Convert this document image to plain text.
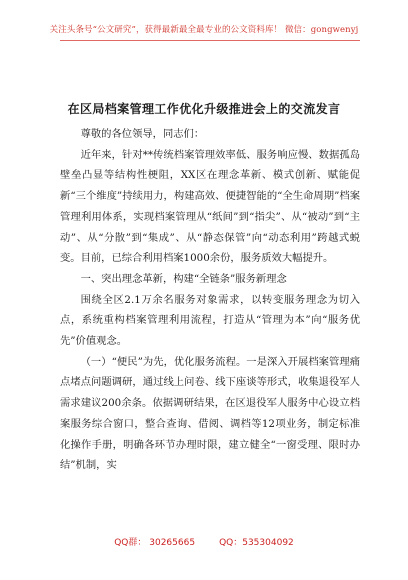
关注头条号“公文研究”，获得最新最全最专业的公文资料库！ 微信：gongwenyj
在区局档案管理工作优化升级推进会上的交流发言

尊敬的各位领导，同志们：

近年来，针对**传统档案管理效率低、服务响应慢、数据孤岛壁垒凸显等结构性梗阻，XX区在理念革新、模式创新、赋能促新“三个维度”持续用力，构建高效、便捷智能的“全生命周期”档案管理利用体系，实现档案管理从“纸间”到“指尖”、从“被动”到“主动”、从“分散”到“集成”、从“静态保管”向“动态利用”跨越式蜕变。目前，已综合利用档案1000余份，服务质效大幅提升。

一、突出理念革新，构建“全链条”服务新理念

围绕全区2.1万余名服务对象需求，以转变服务理念为切入点，系统重构档案管理利用流程，打造从“管理为本”向“服务优先”价值观念。

（一）“便民”为先，优化服务流程。一是深入开展档案管理痛点堵点问题调研，通过线上问卷、线下座谈等形式，收集退役军人需求建议200余条。依据调研结果，在区退役军人服务中心设立档案服务综合窗口，整合查询、借阅、调档等12项业务，制定标准化操作手册，明确各环节办理时限，建立健全“一窗受理、限时办结”机制，实

QQ群： 30265665	QQ：535304092
